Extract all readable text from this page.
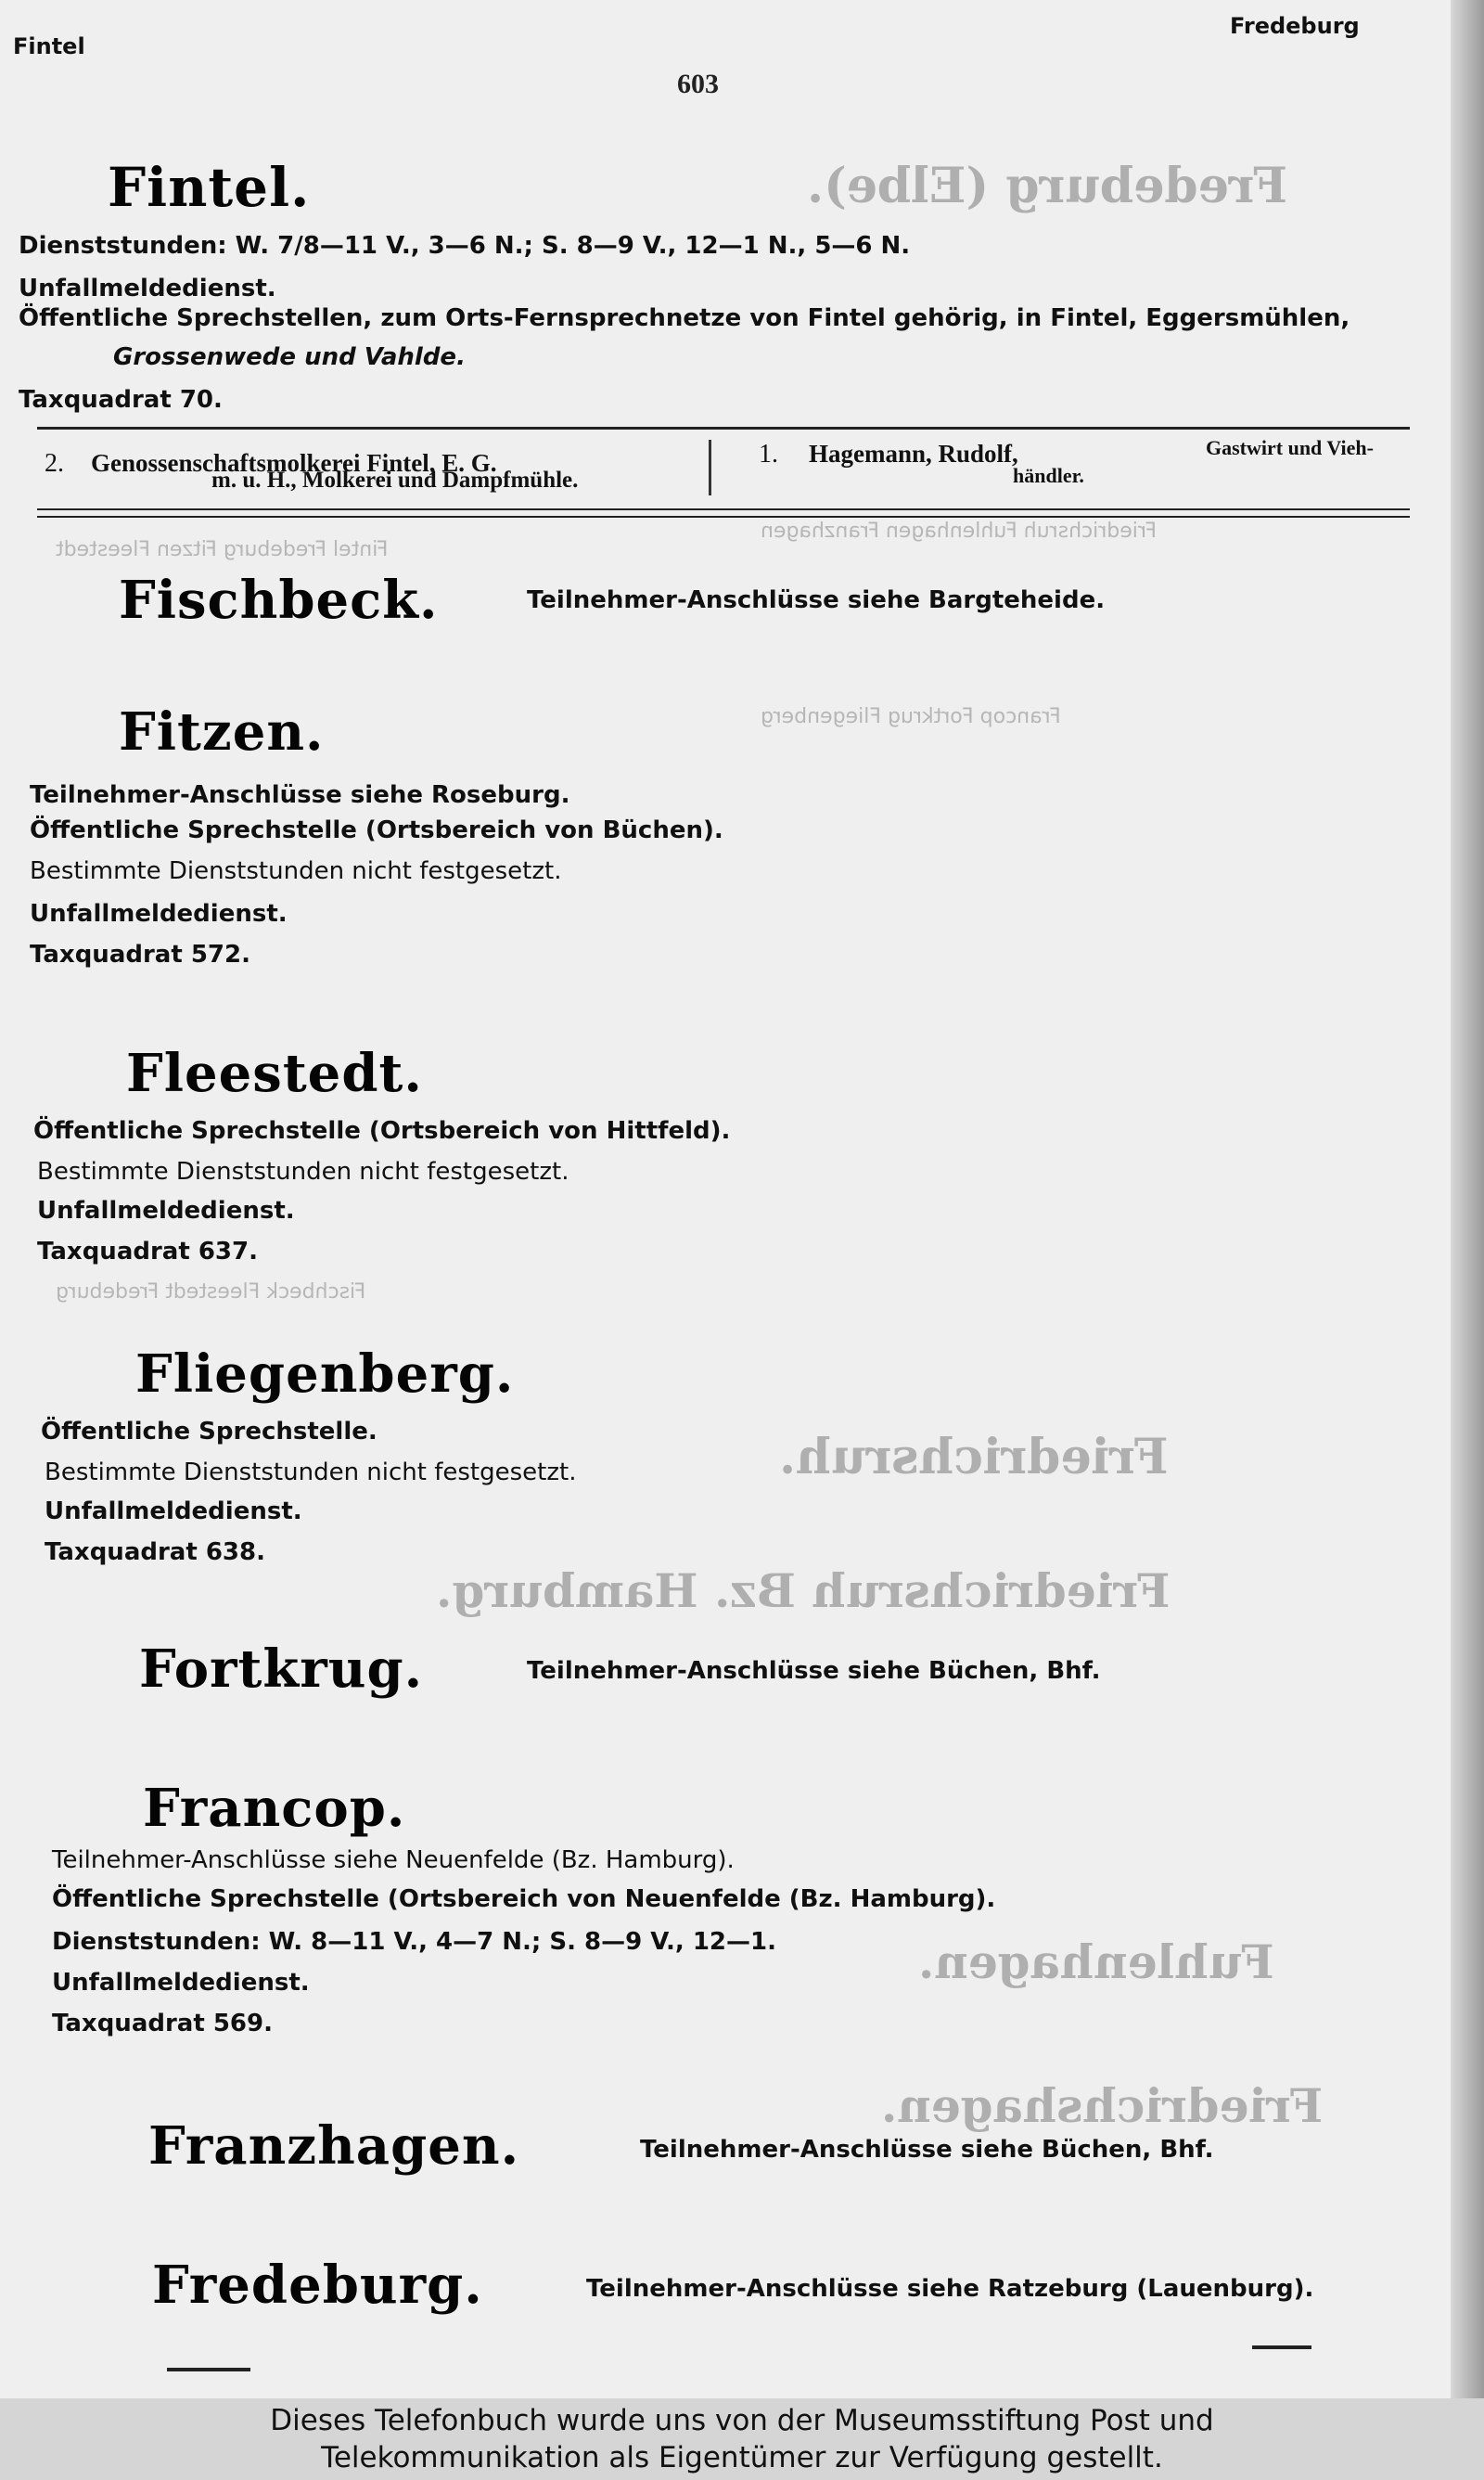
Fredeburg (Elbe).
Friedrichsruh.
Friedrichsruh Bz. Hamburg.
Fuhlenhagen.
Friedrichshagen.
Fintel
Fredeburg
603
Fintel.
Dienststunden: W. 7/8—11 V., 3—6 N.; S. 8—9 V., 12—1 N., 5—6 N.
Unfallmeldedienst.
Öffentliche Sprechstellen, zum Orts-Fernsprechnetze von Fintel gehörig, in Fintel, Eggersmühlen,
Grossenwede und Vahlde.
Taxquadrat 70.
2. Genossenschaftsmolkerei Fintel, E. G.
m. u. H., Molkerei und Dampfmühle.
1. Hagemann, Rudolf,	Gastwirt und Vieh-
händler.
Fintel Fredeburg Fitzen Fleestedt
Friedrichsruh Fuhlenhagen Franzhagen
Francop Fortkrug Fliegenberg
Fischbeck Fleestedt Fredeburg
Fischbeck.	Teilnehmer-Anschlüsse siehe Bargteheide.
Fitzen.
Teilnehmer-Anschlüsse siehe Roseburg.
Öffentliche Sprechstelle (Ortsbereich von Büchen).
Bestimmte Dienststunden nicht festgesetzt.
Unfallmeldedienst.
Taxquadrat 572.
Fleestedt.
Öffentliche Sprechstelle (Ortsbereich von Hittfeld).
Bestimmte Dienststunden nicht festgesetzt.
Unfallmeldedienst.
Taxquadrat 637.
Fliegenberg.
Öffentliche Sprechstelle.
Bestimmte Dienststunden nicht festgesetzt.
Unfallmeldedienst.
Taxquadrat 638.
Fortkrug.	Teilnehmer-Anschlüsse siehe Büchen, Bhf.
Francop.
Teilnehmer-Anschlüsse siehe Neuenfelde (Bz. Hamburg).
Öffentliche Sprechstelle (Ortsbereich von Neuenfelde (Bz. Hamburg).
Dienststunden: W. 8—11 V., 4—7 N.; S. 8—9 V., 12—1.
Unfallmeldedienst.
Taxquadrat 569.
Franzhagen.	Teilnehmer-Anschlüsse siehe Büchen, Bhf.
Fredeburg.	Teilnehmer-Anschlüsse siehe Ratzeburg (Lauenburg).
Dieses Telefonbuch wurde uns von der Museumsstiftung Post und
Telekommunikation als Eigentümer zur Verfügung gestellt.
